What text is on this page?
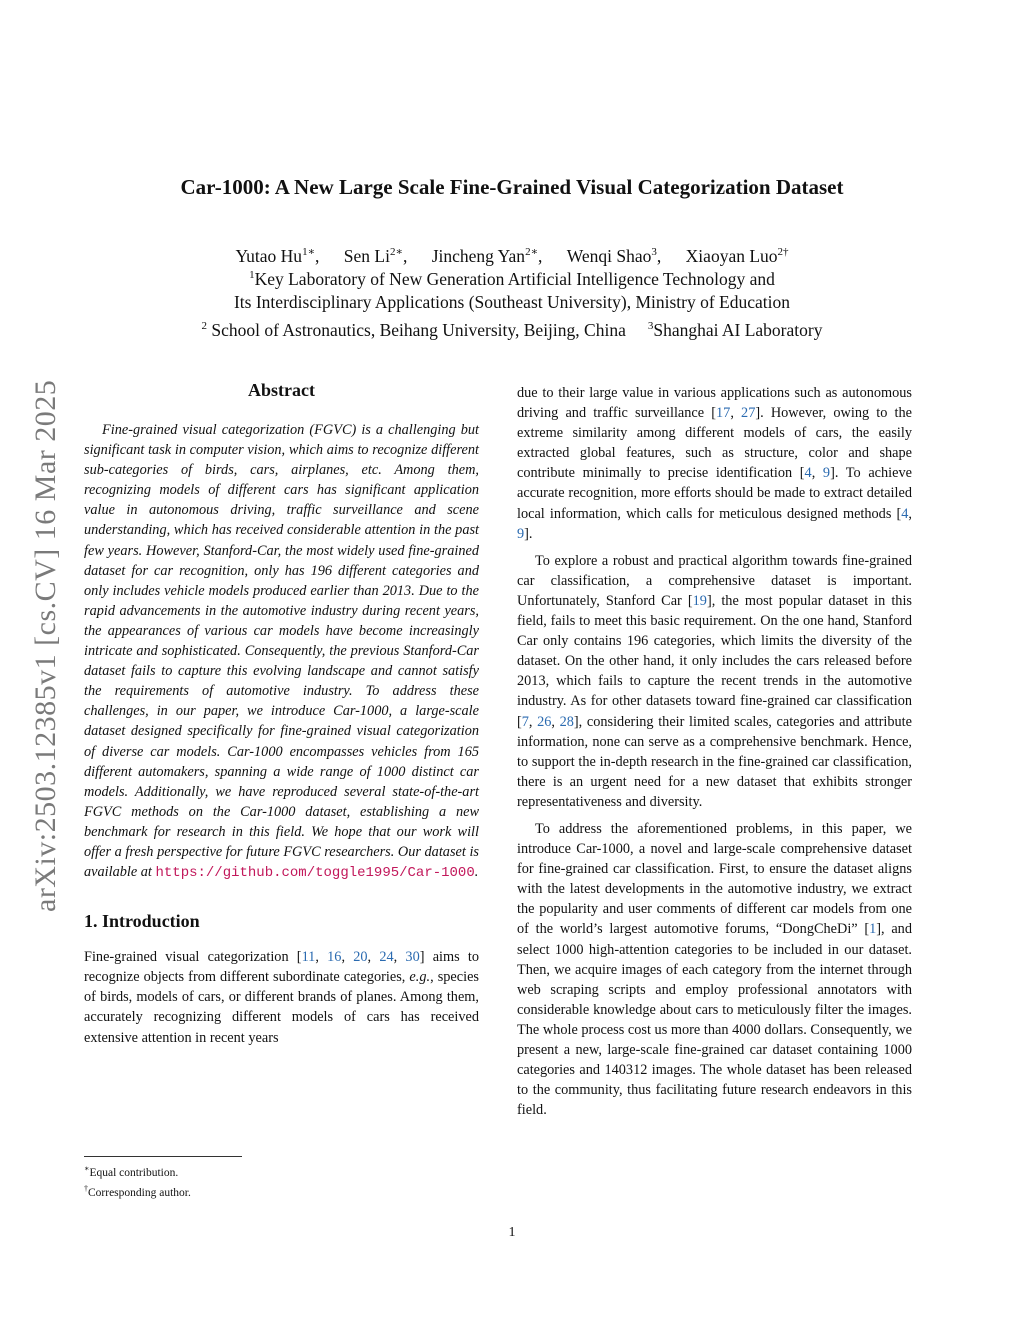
arXiv:2503.12385v1 [cs.CV] 16 Mar 2025
Car-1000: A New Large Scale Fine-Grained Visual Categorization Dataset
Yutao $Hu^{1∗}$, Sen $Li^{2∗}$, Jincheng Yan$^{2∗}$, Wenqi Shao$^3$, Xiaoyan Luo$^{2\dagger}$
$^1$Key Laboratory of New Generation Artificial Intelligence Technology and
Its Interdisciplinary Applications (Southeast University), Ministry of Education
$^2$ School of Astronautics, Beihang University, Beijing, China $^3$Shanghai AI Laboratory
Abstract

Fine-grained visual categorization (FGVC) is a challenging but significant task in computer vision, which aims to recognize different sub-categories of birds, cars, airplanes, etc. Among them, recognizing models of different cars has significant application value in autonomous driving, traffic surveillance and scene understanding, which has received considerable attention in the past few years. However, Stanford-Car, the most widely used fine-grained dataset for car recognition, only has 196 different categories and only includes vehicle models produced earlier than 2013. Due to the rapid advancements in the automotive industry during recent years, the appearances of various car models have become increasingly intricate and sophisticated. Consequently, the previous Stanford-Car dataset fails to capture this evolving landscape and cannot satisfy the requirements of automotive industry. To address these challenges, in our paper, we introduce Car-1000, a large-scale dataset designed specifically for fine-grained visual categorization of diverse car models. Car-1000 encompasses vehicles from 165 different automakers, spanning a wide range of 1000 distinct car models. Additionally, we have reproduced several state-of-the-art FGVC methods on the Car-1000 dataset, establishing a new benchmark for research in this field. We hope that our work will offer a fresh perspective for future FGVC researchers. Our dataset is available at https://github.com/toggle1995/Car-1000.

1. Introduction

Fine-grained visual categorization [11, 16, 20, 24, 30] aims to recognize objects from different subordinate categories, e.g., species of birds, models of cars, or different brands of planes. Among them, accurately recognizing different models of cars has received extensive attention in recent years

due to their large value in various applications such as autonomous driving and traffic surveillance [17, 27]. However, owing to the extreme similarity among different models of cars, the easily extracted global features, such as structure, color and shape contribute minimally to precise identification [4, 9]. To achieve accurate recognition, more efforts should be made to extract detailed local information, which calls for meticulous designed methods [4, 9].

To explore a robust and practical algorithm towards fine-grained car classification, a comprehensive dataset is important. Unfortunately, Stanford Car [19], the most popular dataset in this field, fails to meet this basic requirement. On the one hand, Stanford Car only contains 196 categories, which limits the diversity of the dataset. On the other hand, it only includes the cars released before 2013, which fails to capture the recent trends in the automotive industry. As for other datasets toward fine-grained car classification [7, 26, 28], considering their limited scales, categories and attribute information, none can serve as a comprehensive benchmark. Hence, to support the in-depth research in the fine-grained car classification, there is an urgent need for a new dataset that exhibits stronger representativeness and diversity.

To address the aforementioned problems, in this paper, we introduce Car-1000, a novel and large-scale comprehensive dataset for fine-grained car classification. First, to ensure the dataset aligns with the latest developments in the automotive industry, we extract the popularity and user comments of different car models from one of the world’s largest automotive forums, “DongCheDi” [1], and select 1000 high-attention categories to be included in our dataset. Then, we acquire images of each category from the internet through web scraping scripts and employ professional annotators with considerable knowledge about cars to meticulously filter the images. The whole process cost us more than 4000 dollars. Consequently, we present a new, large-scale fine-grained car dataset containing 1000 categories and 140312 images. The whole dataset has been released to the community, thus facilitating future research endeavors in this field.

∗Equal contribution.
†Corresponding author.
1
